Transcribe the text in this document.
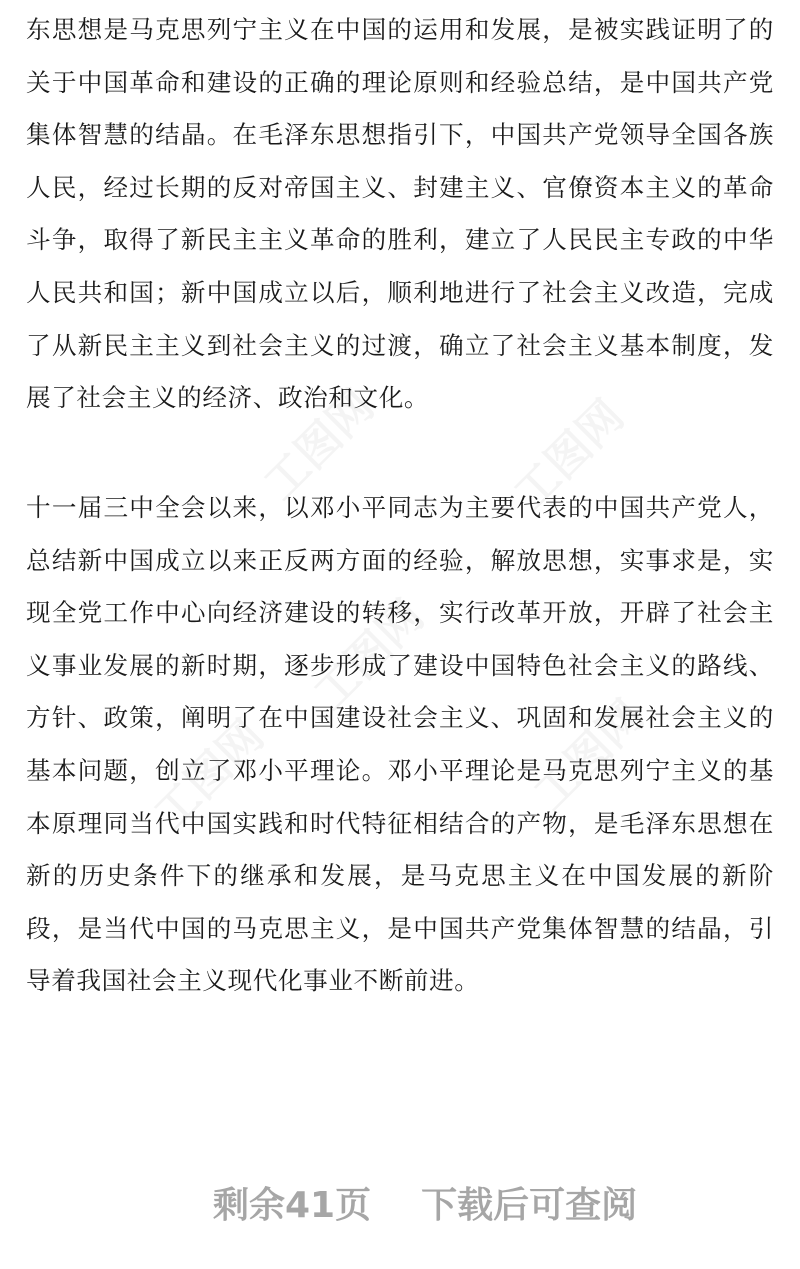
东思想是马克思列宁主义在中国的运用和发展，是被实践证明了的关于中国革命和建设的正确的理论原则和经验总结，是中国共产党集体智慧的结晶。在毛泽东思想指引下，中国共产党领导全国各族人民，经过长期的反对帝国主义、封建主义、官僚资本主义的革命斗争，取得了新民主主义革命的胜利，建立了人民民主专政的中华人民共和国；新中国成立以后，顺利地进行了社会主义改造，完成了从新民主主义到社会主义的过渡，确立了社会主义基本制度，发展了社会主义的经济、政治和文化。

十一届三中全会以来，以邓小平同志为主要代表的中国共产党人，总结新中国成立以来正反两方面的经验，解放思想，实事求是，实现全党工作中心向经济建设的转移，实行改革开放，开辟了社会主义事业发展的新时期，逐步形成了建设中国特色社会主义的路线、方针、政策，阐明了在中国建设社会主义、巩固和发展社会主义的基本问题，创立了邓小平理论。邓小平理论是马克思列宁主义的基本原理同当代中国实践和时代特征相结合的产物，是毛泽东思想在新的历史条件下的继承和发展，是马克思主义在中国发展的新阶段，是当代中国的马克思主义，是中国共产党集体智慧的结晶，引导着我国社会主义现代化事业不断前进。

剩余41页 下载后可查阅
